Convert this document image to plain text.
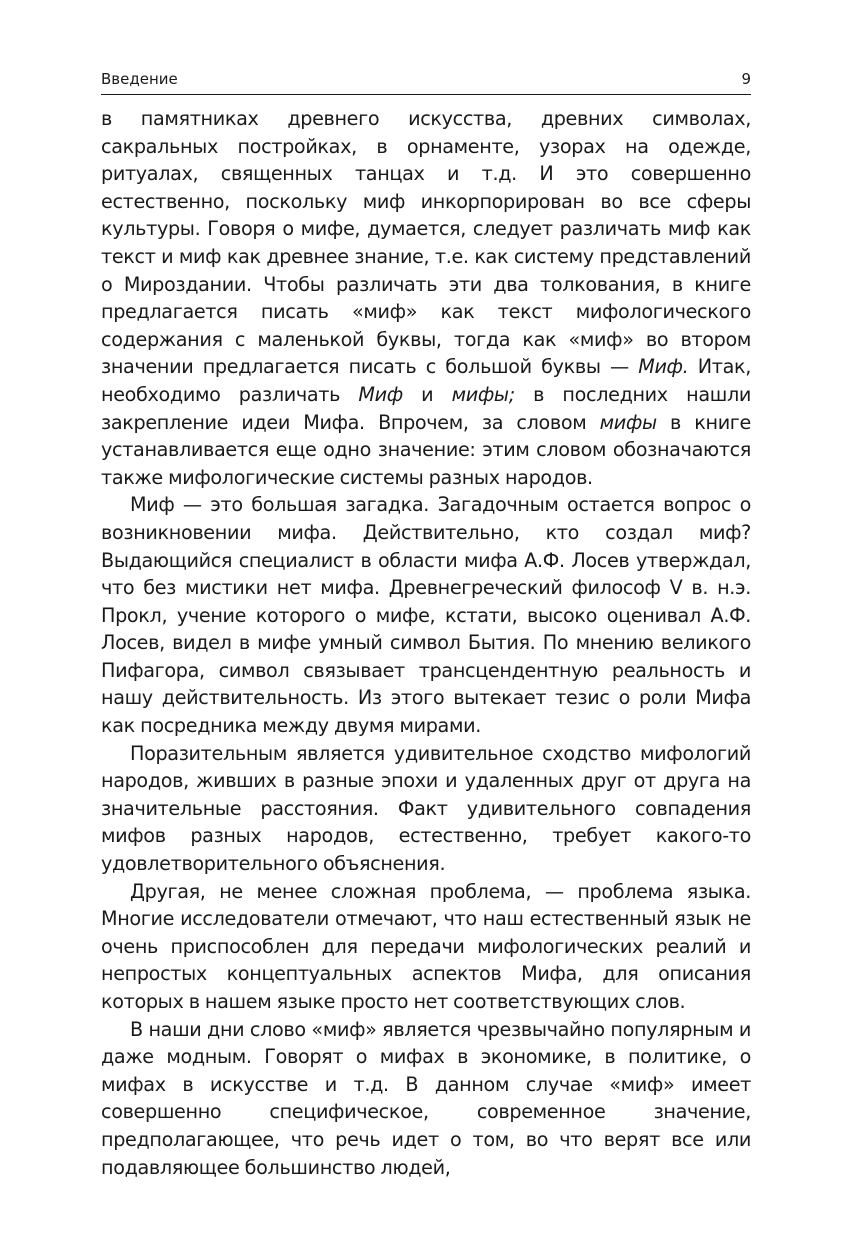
Введение	9

в памятниках древнего искусства, древних символах, сакральных постройках, в орнаменте, узорах на одежде, ритуалах, священных танцах и т.д. И это совершенно естественно, поскольку миф инкорпорирован во все сферы культуры. Говоря о мифе, думается, следует различать миф как текст и миф как древнее знание, т.е. как систему представлений о Мироздании. Чтобы различать эти два толкования, в книге предлагается писать «миф» как текст мифологического содержания с маленькой буквы, тогда как «миф» во втором значении предлагается писать с большой буквы — Миф. Итак, необходимо различать Миф и мифы; в последних нашли закрепление идеи Мифа. Впрочем, за словом мифы в книге устанавливается еще одно значение: этим словом обозначаются также мифологические системы разных народов.

Миф — это большая загадка. Загадочным остается вопрос о возникновении мифа. Действительно, кто создал миф? Выдающийся специалист в области мифа А.Ф. Лосев утверждал, что без мистики нет мифа. Древнегреческий философ V в. н.э. Прокл, учение которого о мифе, кстати, высоко оценивал А.Ф. Лосев, видел в мифе умный символ Бытия. По мнению великого Пифагора, символ связывает трансцендентную реальность и нашу действительность. Из этого вытекает тезис о роли Мифа как посредника между двумя мирами.

Поразительным является удивительное сходство мифологий народов, живших в разные эпохи и удаленных друг от друга на значительные расстояния. Факт удивительного совпадения мифов разных народов, естественно, требует какого-то удовлетворительного объяснения.

Другая, не менее сложная проблема, — проблема языка. Многие исследователи отмечают, что наш естественный язык не очень приспособлен для передачи мифологических реалий и непростых концептуальных аспектов Мифа, для описания которых в нашем языке просто нет соответствующих слов.

В наши дни слово «миф» является чрезвычайно популярным и даже модным. Говорят о мифах в экономике, в политике, о мифах в искусстве и т.д. В данном случае «миф» имеет совершенно специфическое, современное значение, предполагающее, что речь идет о том, во что верят все или подавляющее большинство людей,
